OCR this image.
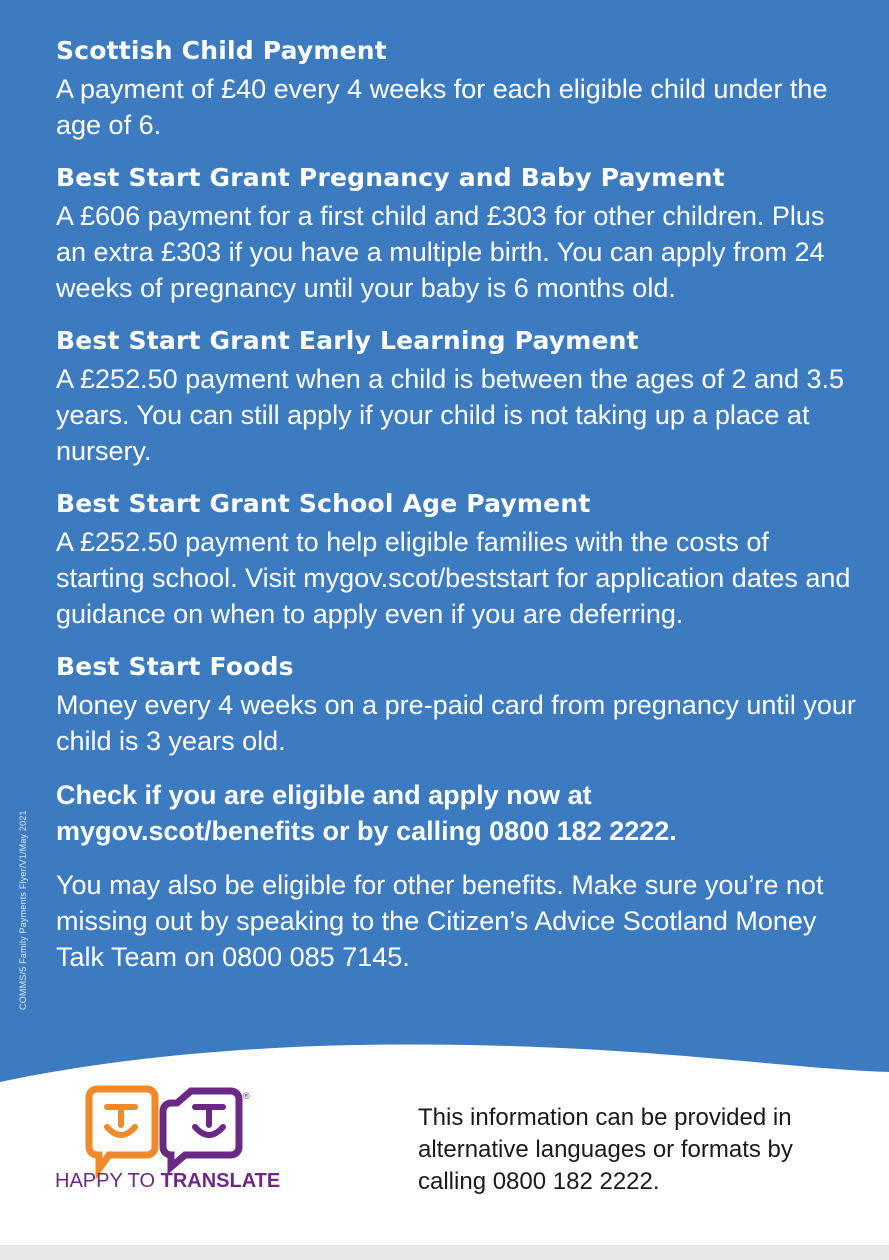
Scottish Child Payment

A payment of £40 every 4 weeks for each eligible child under the age of 6.

Best Start Grant Pregnancy and Baby Payment

A £606 payment for a first child and £303 for other children. Plus an extra £303 if you have a multiple birth. You can apply from 24 weeks of pregnancy until your baby is 6 months old.

Best Start Grant Early Learning Payment

A £252.50 payment when a child is between the ages of 2 and 3.5 years. You can still apply if your child is not taking up a place at nursery.

Best Start Grant School Age Payment

A £252.50 payment to help eligible families with the costs of starting school. Visit mygov.scot/beststart for application dates and guidance on when to apply even if you are deferring.

Best Start Foods

Money every 4 weeks on a pre-paid card from pregnancy until your child is 3 years old.

Check if you are eligible and apply now at mygov.scot/benefits or by calling 0800 182 2222.

You may also be eligible for other benefits. Make sure you’re not missing out by speaking to the Citizen’s Advice Scotland Money Talk Team on 0800 085 7145.

COMMS/5 Family Payments Flyer/V1/May 2021
®
HAPPY TO TRANSLATE
This information can be provided in alternative languages or formats by calling 0800 182 2222.
